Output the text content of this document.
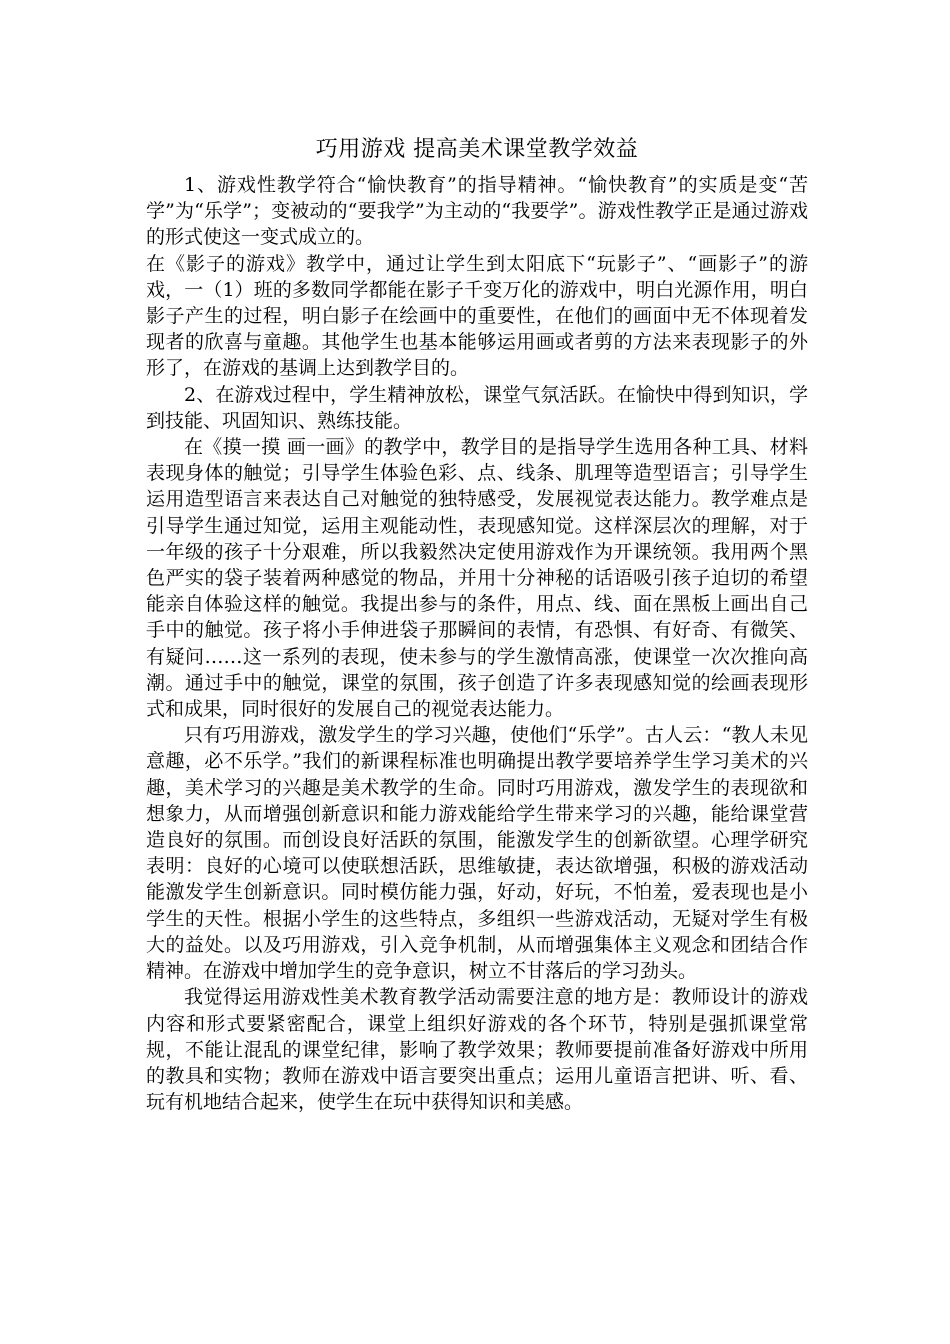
巧用游戏 提高美术课堂教学效益

1、游戏性教学符合“愉快教育”的指导精神。“愉快教育”的实质是变“苦学”为“乐学”；变被动的“要我学”为主动的“我要学”。游戏性教学正是通过游戏的形式使这一变式成立的。

在《影子的游戏》教学中，通过让学生到太阳底下“玩影子”、“画影子”的游戏，一（1）班的多数同学都能在影子千变万化的游戏中，明白光源作用，明白影子产生的过程，明白影子在绘画中的重要性，在他们的画面中无不体现着发现者的欣喜与童趣。其他学生也基本能够运用画或者剪的方法来表现影子的外形了，在游戏的基调上达到教学目的。

2、在游戏过程中，学生精神放松，课堂气氛活跃。在愉快中得到知识，学到技能、巩固知识、熟练技能。

在《摸一摸 画一画》的教学中，教学目的是指导学生选用各种工具、材料表现身体的触觉；引导学生体验色彩、点、线条、肌理等造型语言；引导学生运用造型语言来表达自己对触觉的独特感受，发展视觉表达能力。教学难点是引导学生通过知觉，运用主观能动性，表现感知觉。这样深层次的理解，对于一年级的孩子十分艰难，所以我毅然决定使用游戏作为开课统领。我用两个黑色严实的袋子装着两种感觉的物品，并用十分神秘的话语吸引孩子迫切的希望能亲自体验这样的触觉。我提出参与的条件，用点、线、面在黑板上画出自己手中的触觉。孩子将小手伸进袋子那瞬间的表情，有恐惧、有好奇、有微笑、有疑问……这一系列的表现，使未参与的学生激情高涨，使课堂一次次推向高潮。通过手中的触觉，课堂的氛围，孩子创造了许多表现感知觉的绘画表现形式和成果，同时很好的发展自己的视觉表达能力。

只有巧用游戏，激发学生的学习兴趣，使他们“乐学”。古人云：“教人未见意趣，必不乐学。”我们的新课程标准也明确提出教学要培养学生学习美术的兴趣，美术学习的兴趣是美术教学的生命。同时巧用游戏，激发学生的表现欲和想象力，从而增强创新意识和能力游戏能给学生带来学习的兴趣，能给课堂营造良好的氛围。而创设良好活跃的氛围，能激发学生的创新欲望。心理学研究表明：良好的心境可以使联想活跃，思维敏捷，表达欲增强，积极的游戏活动能激发学生创新意识。同时模仿能力强，好动，好玩，不怕羞，爱表现也是小学生的天性。根据小学生的这些特点，多组织一些游戏活动，无疑对学生有极大的益处。以及巧用游戏，引入竞争机制，从而增强集体主义观念和团结合作精神。在游戏中增加学生的竞争意识，树立不甘落后的学习劲头。

我觉得运用游戏性美术教育教学活动需要注意的地方是：教师设计的游戏内容和形式要紧密配合，课堂上组织好游戏的各个环节，特别是强抓课堂常规，不能让混乱的课堂纪律，影响了教学效果；教师要提前准备好游戏中所用的教具和实物；教师在游戏中语言要突出重点；运用儿童语言把讲、听、看、玩有机地结合起来，使学生在玩中获得知识和美感。
